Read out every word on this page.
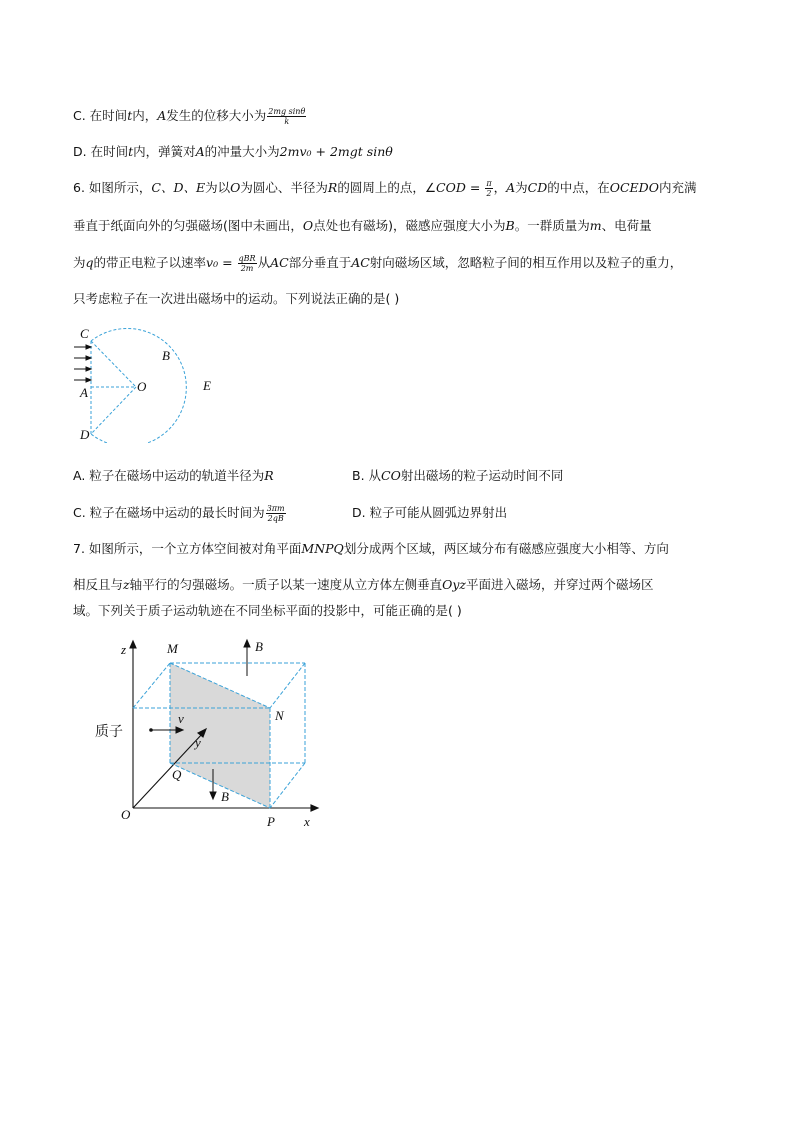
C. 在时间t内，A发生的位移大小为 $\frac{\text{2mg sinθ}}{k}$
D. 在时间t内，弹簧对A的冲量大小为2mv₀ + 2mgt sinθ
6. 如图所示，C、D、E为以O为圆心、半径为R的圆周上的点，∠COD = $\frac{\pi}{2}$ ，A为CD的中点，在OCEDO内充满
垂直于纸面向外的匀强磁场(图中未画出，O点处也有磁场)，磁感应强度大小为B。一群质量为m、电荷量
为q的带正电粒子以速率$v_0 = \frac{\text{qBR}}{2m}$ 从AC部分垂直于AC射向磁场区域，忽略粒子间的相互作用以及粒子的重力，
只考虑粒子在一次进出磁场中的运动。下列说法正确的是( )
C
B
O	E
A
D
A. 粒子在磁场中运动的轨道半径为R	B. 从CO射出磁场的粒子运动时间不同
C. 粒子在磁场中运动的最长时间为 $\frac{3\pi m}{2qB}$	D. 粒子可能从圆弧边界射出
7. 如图所示，一个立方体空间被对角平面MNPQ划分成两个区域，两区域分布有磁感应强度大小相等、方向
相反且与z轴平行的匀强磁场。一质子以某一速度从立方体左侧垂直Oyz平面进入磁场，并穿过两个磁场区
域。下列关于质子运动轨迹在不同坐标平面的投影中，可能正确的是( )
z	M	B
N
质子
v
y
Q
B
O	P x
